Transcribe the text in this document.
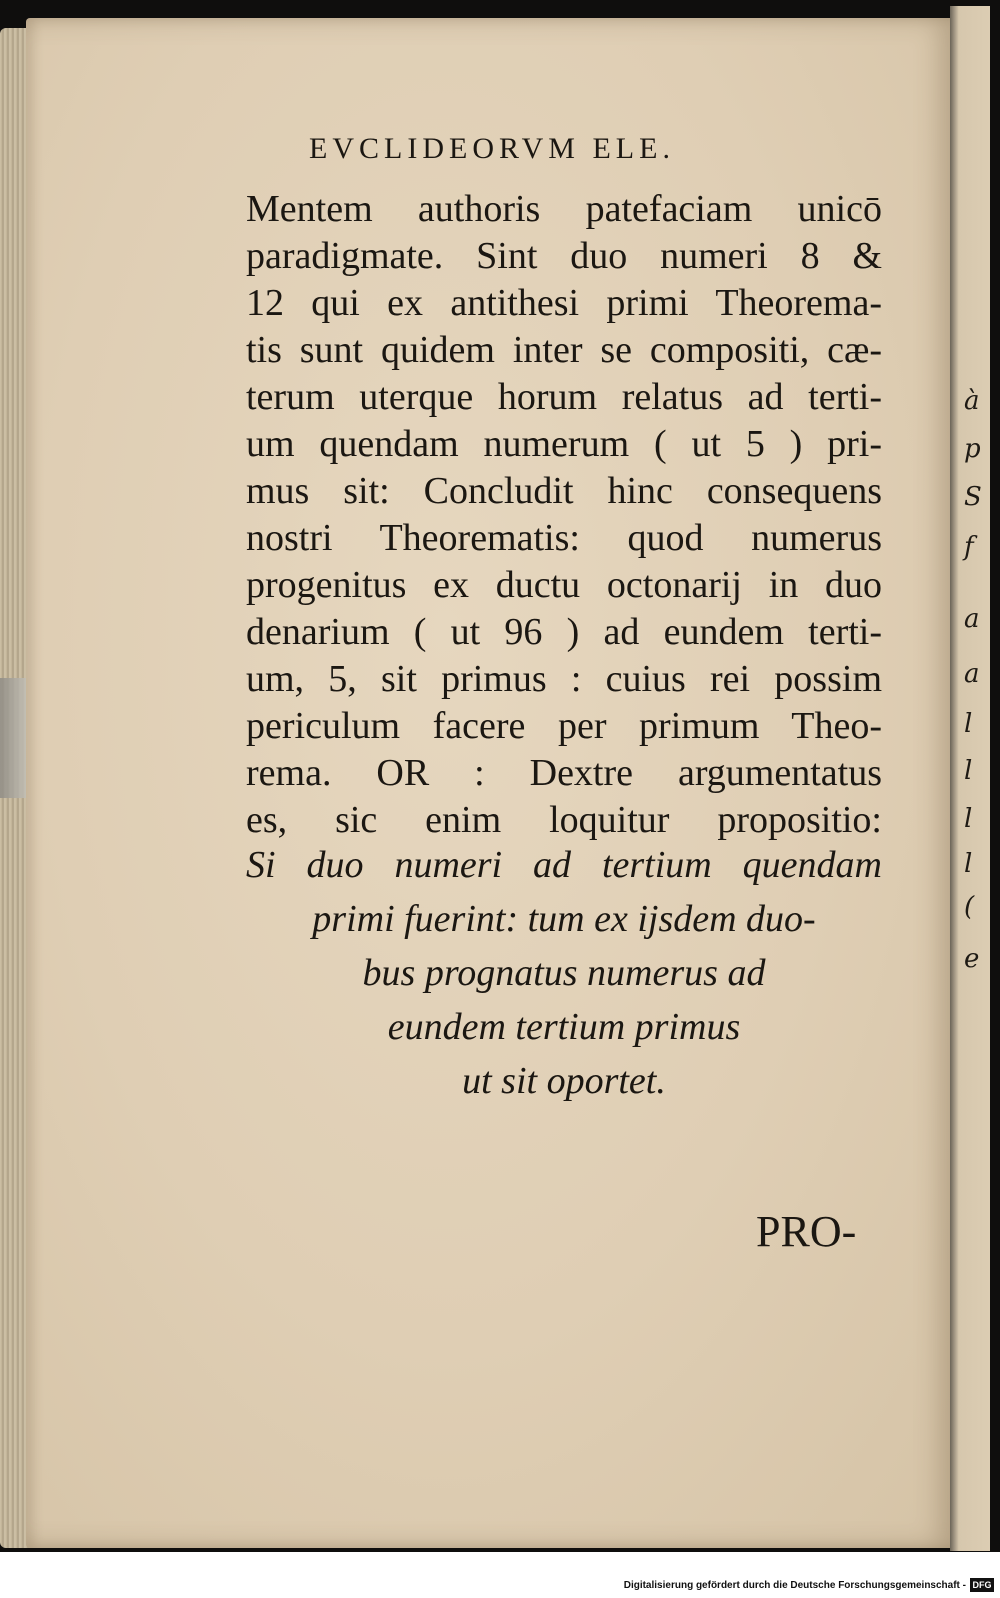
à
p
S
f
a
a
l
l
l
l
(
e
EVCLIDEORVM ELE.
Mentem authoris patefaciam unicō
paradigmate. Sint duo numeri 8 &
12 qui ex antithesi primi Theorema-
tis sunt quidem inter se compositi, cæ-
terum uterque horum relatus ad terti-
um quendam numerum ( ut 5 ) pri-
mus sit: Concludit hinc consequens
nostri Theorematis: quod numerus
progenitus ex ductu octonarij in duo
denarium ( ut 96 ) ad eundem terti-
um, 5, sit primus : cuius rei possim
periculum facere per primum Theo-
rema. OR : Dextre argumentatus
es, sic enim loquitur propositio:
Si duo numeri ad tertium quendam
primi fuerint: tum ex ijsdem duo-
bus prognatus numerus ad
eundem tertium primus
ut sit oportet.
PRO-
Digitalisierung gefördert durch die Deutsche Forschungsgemeinschaft - DFG
